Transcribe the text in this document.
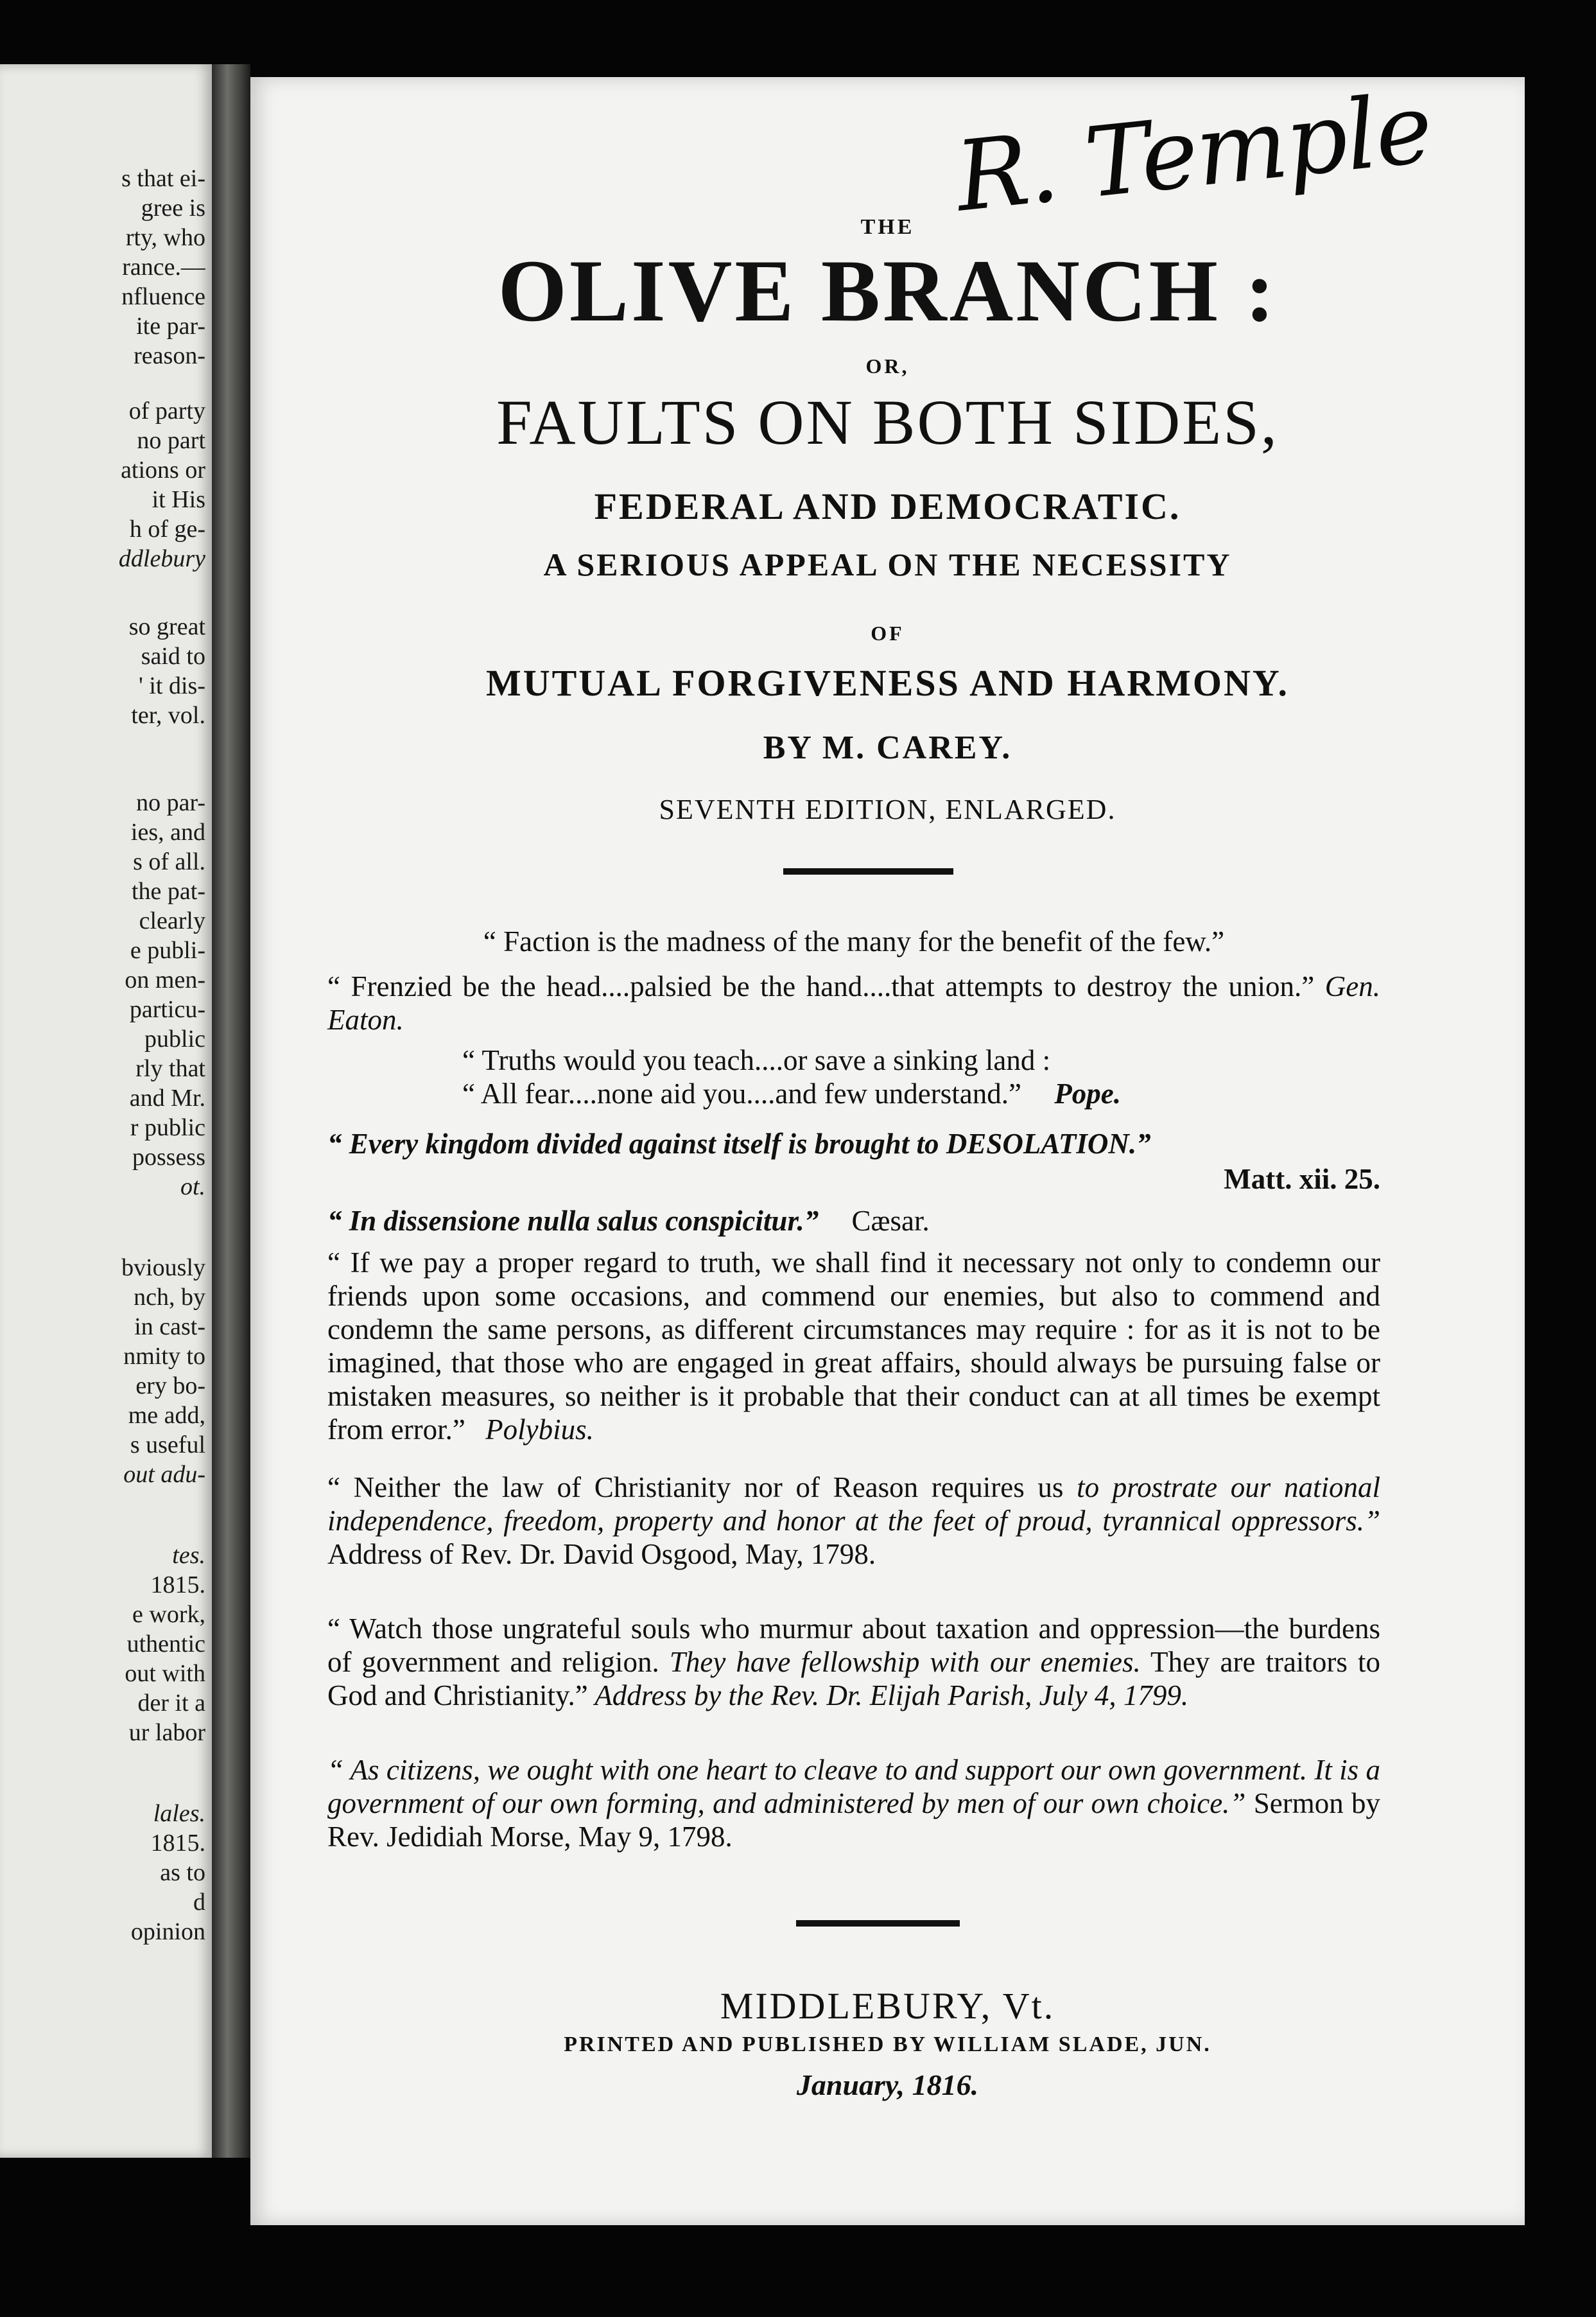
s that ei-
gree is
rty, who
rance.—
nfluence
ite par-
reason-
of party
no part
ations or
it His
h of ge-
ddlebury
so great
said to
' it dis-
ter, vol.
no par-
ies, and
s of all.
the pat-
clearly
e publi-
on men-
particu-
public
rly that
and Mr.
r public
possess
ot.
bviously
nch, by
in cast-
nmity to
ery bo-
me add,
s useful
out adu-
tes.
1815.
e work,
uthentic
out with
der it a
ur labor
lales.
1815.
as to
d
opinion
R. Temple
THE
OLIVE BRANCH :
OR,
FAULTS ON BOTH SIDES,
FEDERAL AND DEMOCRATIC.
A SERIOUS APPEAL ON THE NECESSITY
OF
MUTUAL FORGIVENESS AND HARMONY.
BY M. CAREY.
SEVENTH EDITION, ENLARGED.
“ Faction is the madness of the many for the benefit of the few.”
“ Frenzied be the head....palsied be the hand....that attempts to destroy the union.” Gen. Eaton.
“ Truths would you teach....or save a sinking land :
“ All fear....none aid you....and few understand.” Pope.
“ Every kingdom divided against itself is brought to DESOLATION.”
Matt. xii. 25.
“ In dissensione nulla salus conspicitur.” Cæsar.
“ If we pay a proper regard to truth, we shall find it necessary not only to condemn our friends upon some occasions, and commend our enemies, but also to commend and condemn the same persons, as different circumstances may require : for as it is not to be imagined, that those who are engaged in great affairs, should always be pursuing false or mistaken measures, so neither is it probable that their conduct can at all times be exempt from error.” Polybius.
“ Neither the law of Christianity nor of Reason requires us to prostrate our national independence, freedom, property and honor at the feet of proud, tyrannical oppressors.” Address of Rev. Dr. David Osgood, May, 1798.
“ Watch those ungrateful souls who murmur about taxation and oppression—the burdens of government and religion. They have fellowship with our enemies. They are traitors to God and Christianity.” Address by the Rev. Dr. Elijah Parish, July 4, 1799.
“ As citizens, we ought with one heart to cleave to and support our own government. It is a government of our own forming, and administered by men of our own choice.” Sermon by Rev. Jedidiah Morse, May 9, 1798.
MIDDLEBURY, Vt.
PRINTED AND PUBLISHED BY WILLIAM SLADE, JUN.
January, 1816.
